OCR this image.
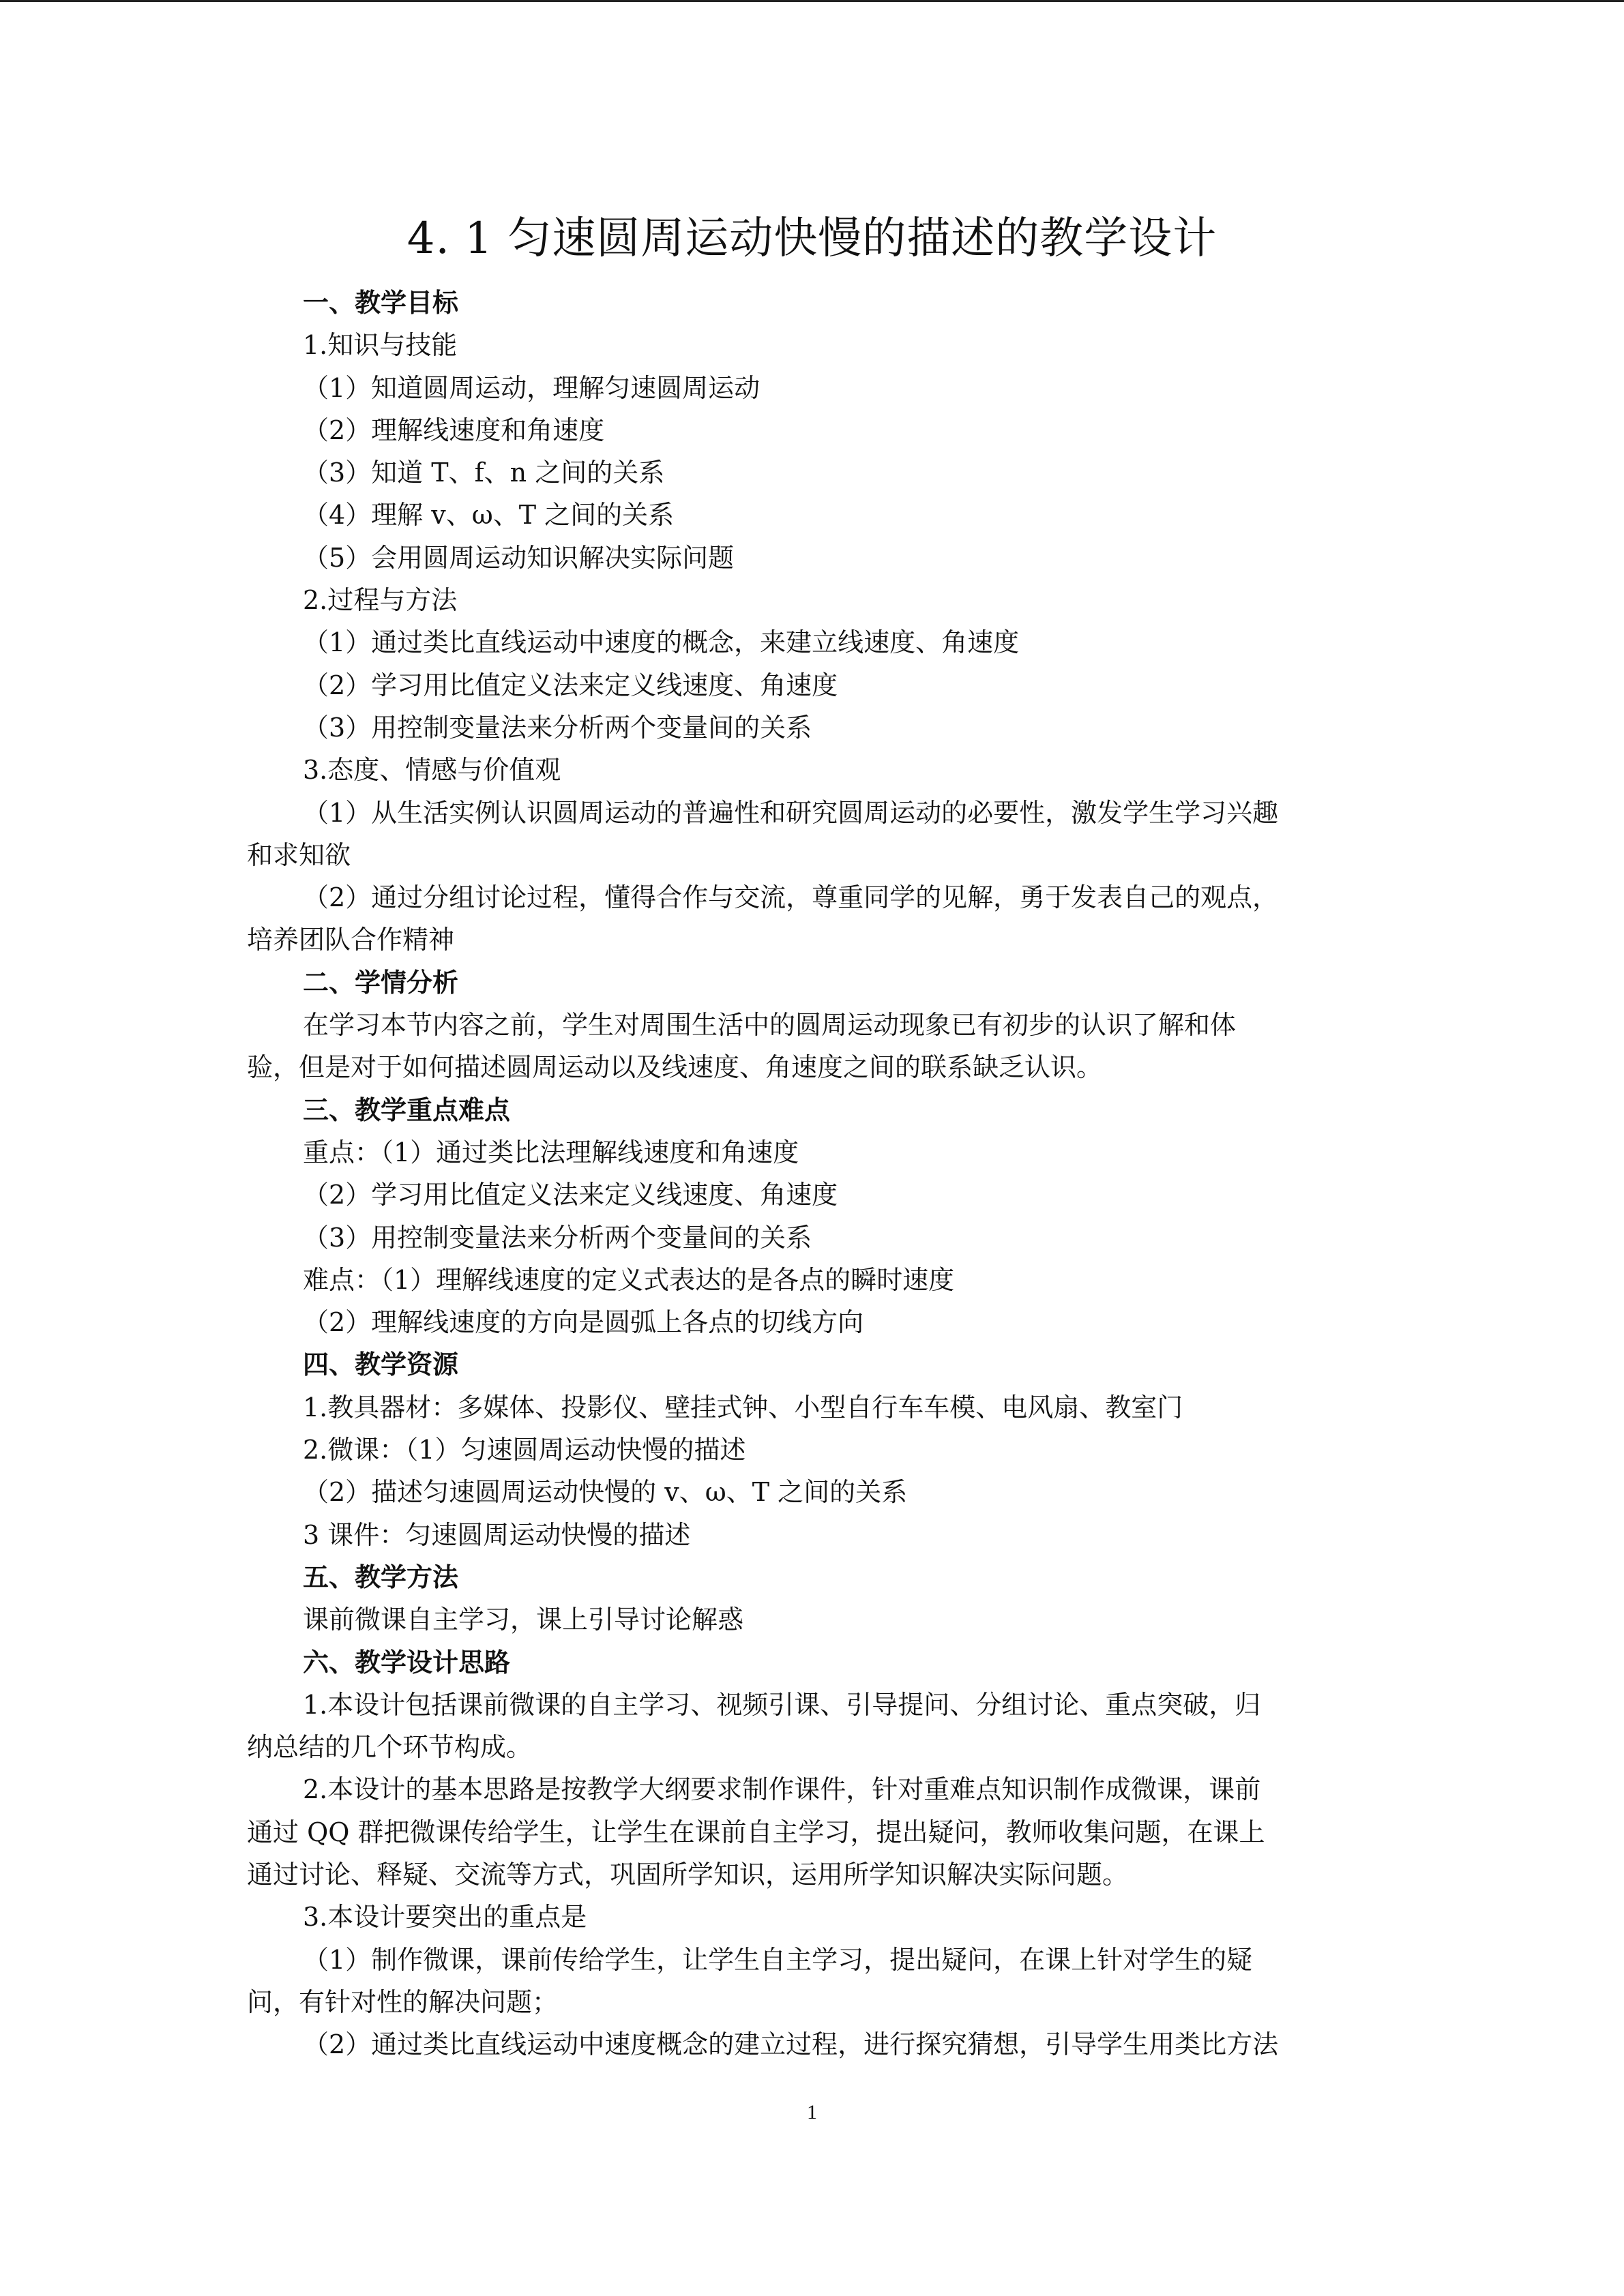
4. 1 匀速圆周运动快慢的描述的教学设计
一、教学目标
1.知识与技能
（1）知道圆周运动，理解匀速圆周运动
（2）理解线速度和角速度
（3）知道 T、f、n 之间的关系
（4）理解 v、ω、T 之间的关系
（5）会用圆周运动知识解决实际问题
2.过程与方法
（1）通过类比直线运动中速度的概念，来建立线速度、角速度
（2）学习用比值定义法来定义线速度、角速度
（3）用控制变量法来分析两个变量间的关系
3.态度、情感与价值观
（1）从生活实例认识圆周运动的普遍性和研究圆周运动的必要性，激发学生学习兴趣
和求知欲
（2）通过分组讨论过程，懂得合作与交流，尊重同学的见解，勇于发表自己的观点，
培养团队合作精神
二、学情分析
在学习本节内容之前，学生对周围生活中的圆周运动现象已有初步的认识了解和体
验，但是对于如何描述圆周运动以及线速度、角速度之间的联系缺乏认识。
三、教学重点难点
重点：（1）通过类比法理解线速度和角速度
（2）学习用比值定义法来定义线速度、角速度
（3）用控制变量法来分析两个变量间的关系
难点：（1）理解线速度的定义式表达的是各点的瞬时速度
（2）理解线速度的方向是圆弧上各点的切线方向
四、教学资源
1.教具器材：多媒体、投影仪、壁挂式钟、小型自行车车模、电风扇、教室门
2.微课：（1）匀速圆周运动快慢的描述
（2）描述匀速圆周运动快慢的 v、ω、T 之间的关系
3 课件：匀速圆周运动快慢的描述
五、教学方法
课前微课自主学习，课上引导讨论解惑
六、教学设计思路
1.本设计包括课前微课的自主学习、视频引课、引导提问、分组讨论、重点突破，归
纳总结的几个环节构成。
2.本设计的基本思路是按教学大纲要求制作课件，针对重难点知识制作成微课，课前
通过 QQ 群把微课传给学生，让学生在课前自主学习，提出疑问，教师收集问题，在课上
通过讨论、释疑、交流等方式，巩固所学知识，运用所学知识解决实际问题。
3.本设计要突出的重点是
（1）制作微课，课前传给学生，让学生自主学习，提出疑问，在课上针对学生的疑
问，有针对性的解决问题；
（2）通过类比直线运动中速度概念的建立过程，进行探究猜想，引导学生用类比方法
1
